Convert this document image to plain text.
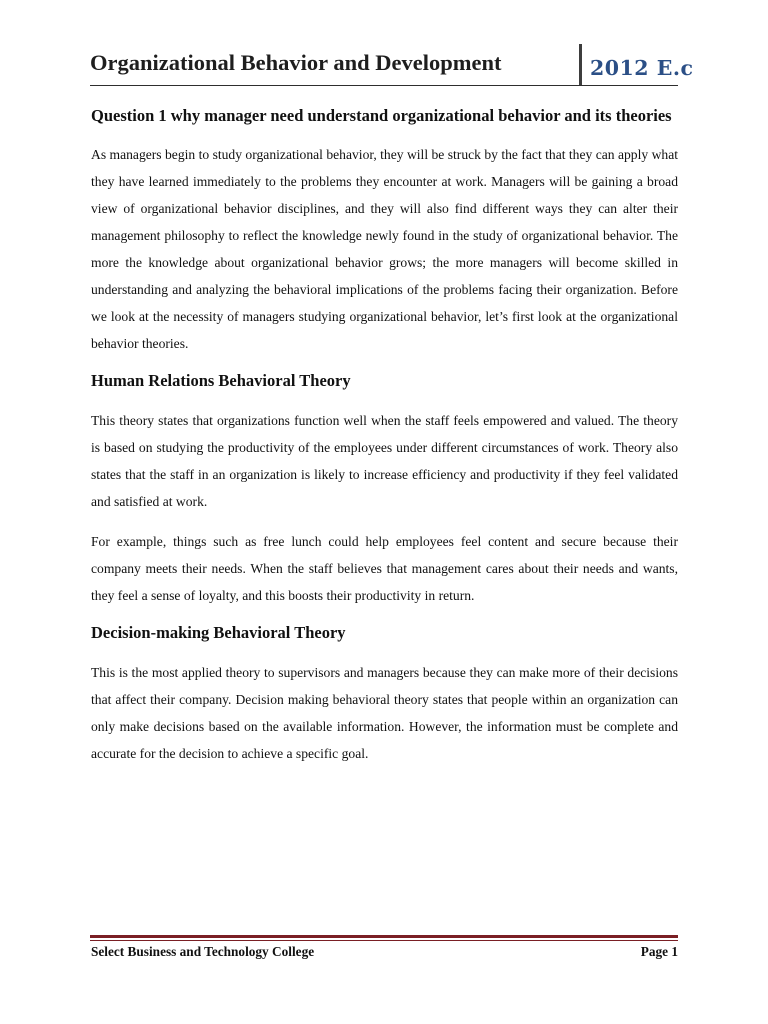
Organizational Behavior and Development	2012 E.c

Question 1 why manager need understand organizational behavior and its theories

As managers begin to study organizational behavior, they will be struck by the fact that they can apply what they have learned immediately to the problems they encounter at work. Managers will be gaining a broad view of organizational behavior disciplines, and they will also find different ways they can alter their management philosophy to reflect the knowledge newly found in the study of organizational behavior. The more the knowledge about organizational behavior grows; the more managers will become skilled in understanding and analyzing the behavioral implications of the problems facing their organization. Before we look at the necessity of managers studying organizational behavior, let’s first look at the organizational behavior theories.

Human Relations Behavioral Theory

This theory states that organizations function well when the staff feels empowered and valued. The theory is based on studying the productivity of the employees under different circumstances of work. Theory also states that the staff in an organization is likely to increase efficiency and productivity if they feel validated and satisfied at work.

For example, things such as free lunch could help employees feel content and secure because their company meets their needs. When the staff believes that management cares about their needs and wants, they feel a sense of loyalty, and this boosts their productivity in return.

Decision-making Behavioral Theory

This is the most applied theory to supervisors and managers because they can make more of their decisions that affect their company. Decision making behavioral theory states that people within an organization can only make decisions based on the available information. However, the information must be complete and accurate for the decision to achieve a specific goal.

Select Business and Technology College	Page 1
